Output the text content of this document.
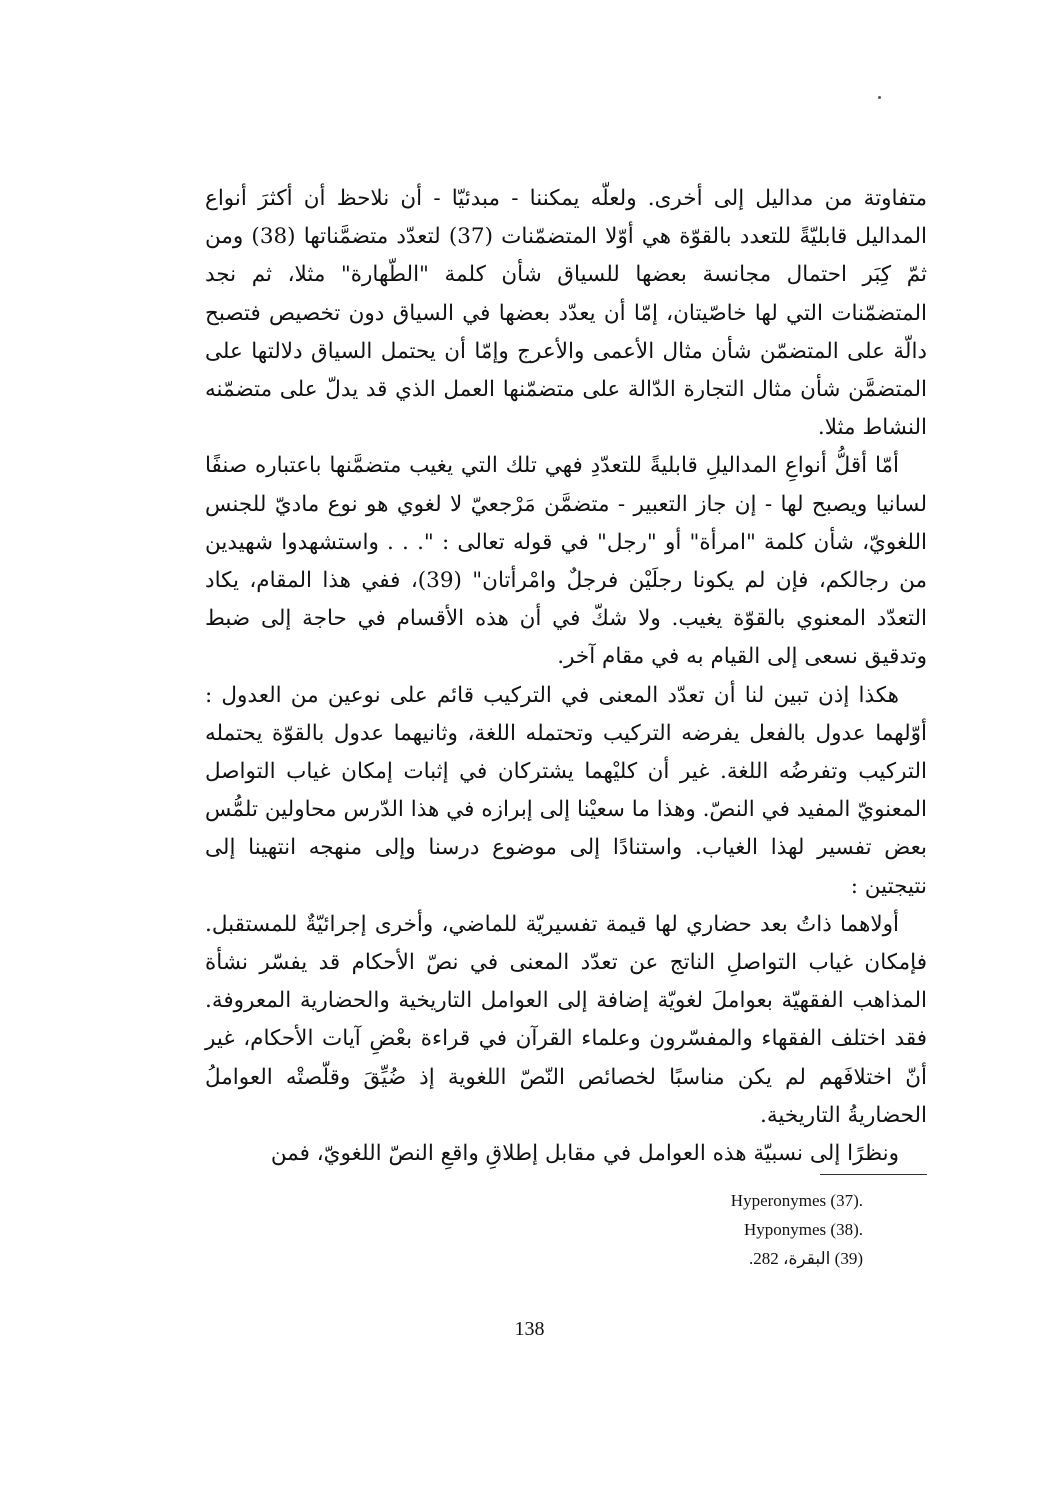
متفاوتة من مداليل إلى أخرى. ولعلّه يمكننا - مبدئيّا - أن نلاحظ أن أكثرَ أنواع المداليل قابليّةً للتعدد بالقوّة هي أوّلا المتضمّنات (37) لتعدّد متضمَّناتها (38) ومن ثمّ كِبَر احتمال مجانسة بعضها للسياق شأن كلمة "الطّهارة" مثلا، ثم نجد المتضمّنات التي لها خاصّيتان، إمّا أن يعدّد بعضها في السياق دون تخصيص فتصبح دالّة على المتضمّن شأن مثال الأعمى والأعرج وإمّا أن يحتمل السياق دلالتها على المتضمَّن شأن مثال التجارة الدّالة على متضمّنها العمل الذي قد يدلّ على متضمّنه النشاط مثلا.

أمّا أقلُّ أنواعِ المداليلِ قابليةً للتعدّدِ فهي تلك التي يغيب متضمَّنها باعتباره صنفًا لسانيا ويصبح لها - إن جاز التعبير - متضمَّن مَرْجعيّ لا لغوي هو نوع ماديّ للجنس اللغويّ، شأن كلمة "امرأة" أو "رجل" في قوله تعالى : ". . . واستشهدوا شهيدين من رجالكم، فإن لم يكونا رجلَيْن فرجلٌ وامْرأتان" (39)، ففي هذا المقام، يكاد التعدّد المعنوي بالقوّة يغيب. ولا شكّ في أن هذه الأقسام في حاجة إلى ضبط وتدقيق نسعى إلى القيام به في مقام آخر.

هكذا إذن تبين لنا أن تعدّد المعنى في التركيب قائم على نوعين من العدول : أوّلهما عدول بالفعل يفرضه التركيب وتحتمله اللغة، وثانيهما عدول بالقوّة يحتمله التركيب وتفرضُه اللغة. غير أن كليْهما يشتركان في إثبات إمكان غياب التواصل المعنويّ المفيد في النصّ. وهذا ما سعيْنا إلى إبرازه في هذا الدّرس محاولين تلمُّس بعض تفسير لهذا الغياب. واستنادًا إلى موضوع درسنا وإلى منهجه انتهينا إلى نتيجتين :

أولاهما ذاتُ بعد حضاري لها قيمة تفسيريّة للماضي، وأخرى إجرائيّةٌ للمستقبل. فإمكان غياب التواصلِ الناتج عن تعدّد المعنى في نصّ الأحكام قد يفسّر نشأة المذاهب الفقهيّة بعواملَ لغويّة إضافة إلى العوامل التاريخية والحضارية المعروفة. فقد اختلف الفقهاء والمفسّرون وعلماء القرآن في قراءة بعْضِ آيات الأحكام، غير أنّ اختلافَهم لم يكن مناسبًا لخصائص النّصّ اللغوية إذ ضُيِّقَ وقلّصتْه العواملُ الحضاريةُ التاريخية.

ونظرًا إلى نسبيّة هذه العوامل في مقابل إطلاقِ واقعِ النصّ اللغويّ، فمن

.Hyperonymes (37)
.Hyponymes (38)
(39) البقرة، 282.
138
